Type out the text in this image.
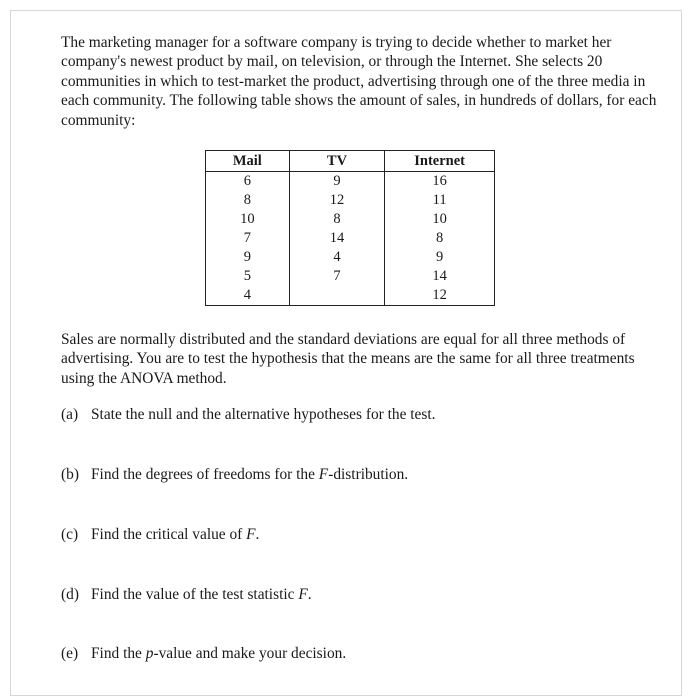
The marketing manager for a software company is trying to decide whether to market her company's newest product by mail, on television, or through the Internet. She selects 20 communities in which to test-market the product, advertising through one of the three media in each community. The following table shows the amount of sales, in hundreds of dollars, for each community:

Mail	TV	Internet
6	9	16
8	12	11
10	8	10
7	14	8
9	4	9
5	7	14
4		12

Sales are normally distributed and the standard deviations are equal for all three methods of advertising. You are to test the hypothesis that the means are the same for all three treatments using the ANOVA method.

(a) State the null and the alternative hypotheses for the test.

(b) Find the degrees of freedoms for the F-distribution.

(c) Find the critical value of F.

(d) Find the value of the test statistic F.

(e) Find the p-value and make your decision.
